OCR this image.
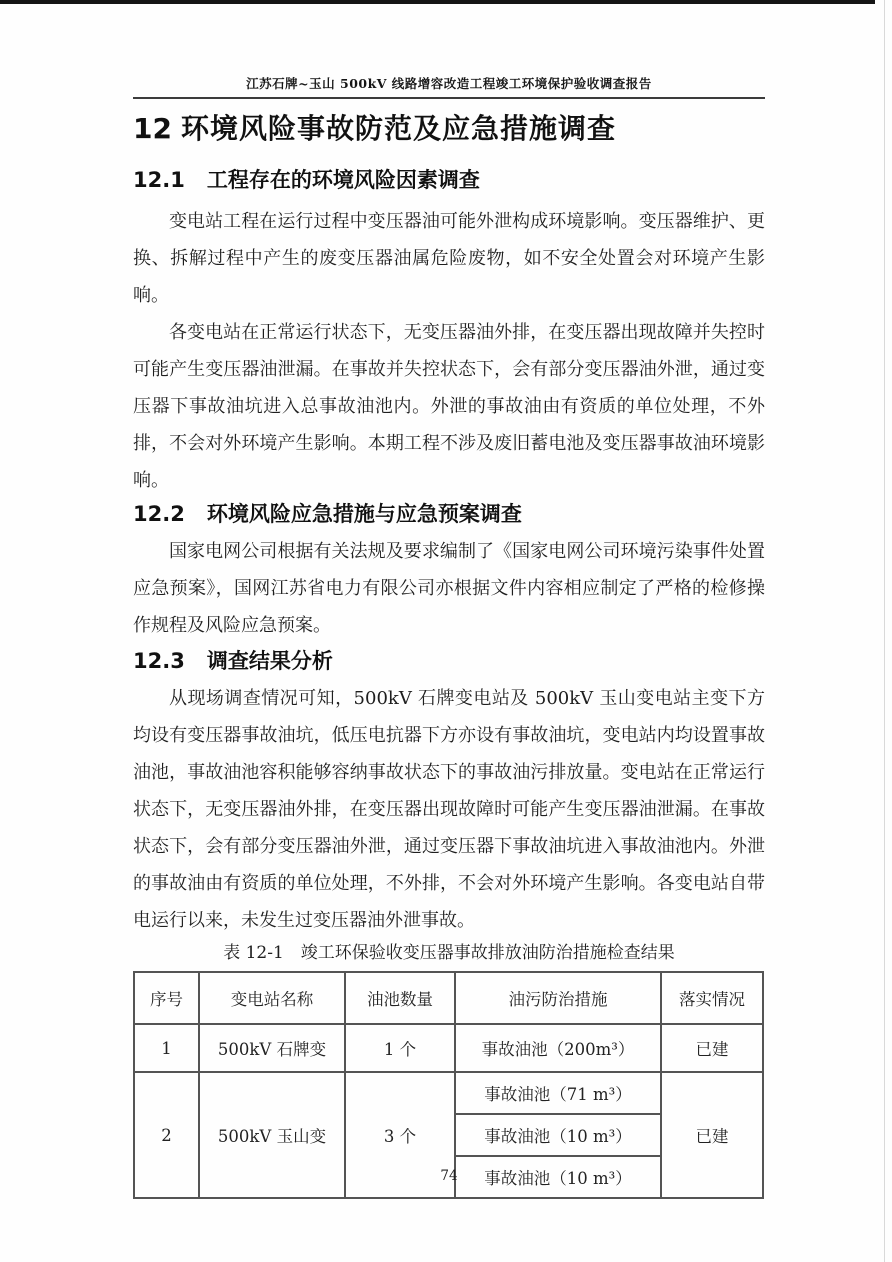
江苏石牌~玉山 500kV 线路增容改造工程竣工环境保护验收调查报告
12 环境风险事故防范及应急措施调查
12.1 工程存在的环境风险因素调查

变电站工程在运行过程中变压器油可能外泄构成环境影响。变压器维护、更换、拆解过程中产生的废变压器油属危险废物，如不安全处置会对环境产生影响。

各变电站在正常运行状态下，无变压器油外排，在变压器出现故障并失控时可能产生变压器油泄漏。在事故并失控状态下，会有部分变压器油外泄，通过变压器下事故油坑进入总事故油池内。外泄的事故油由有资质的单位处理，不外排，不会对外环境产生影响。本期工程不涉及废旧蓄电池及变压器事故油环境影响。

12.2 环境风险应急措施与应急预案调查

国家电网公司根据有关法规及要求编制了《国家电网公司环境污染事件处置应急预案》，国网江苏省电力有限公司亦根据文件内容相应制定了严格的检修操作规程及风险应急预案。

12.3 调查结果分析

从现场调查情况可知，500kV 石牌变电站及 500kV 玉山变电站主变下方均设有变压器事故油坑，低压电抗器下方亦设有事故油坑，变电站内均设置事故油池，事故油池容积能够容纳事故状态下的事故油污排放量。变电站在正常运行状态下，无变压器油外排，在变压器出现故障时可能产生变压器油泄漏。在事故状态下，会有部分变压器油外泄，通过变压器下事故油坑进入事故油池内。外泄的事故油由有资质的单位处理，不外排，不会对外环境产生影响。各变电站自带电运行以来，未发生过变压器油外泄事故。

表 12-1　竣工环保验收变压器事故排放油防治措施检查结果
序号	变电站名称	油池数量	油污防治措施	落实情况
1	500kV 石牌变	1 个	事故油池（200m³）	已建
2	500kV 玉山变	3 个	事故油池（71 m³）	已建
			事故油池（10 m³）	
			事故油池（10 m³）	
74
